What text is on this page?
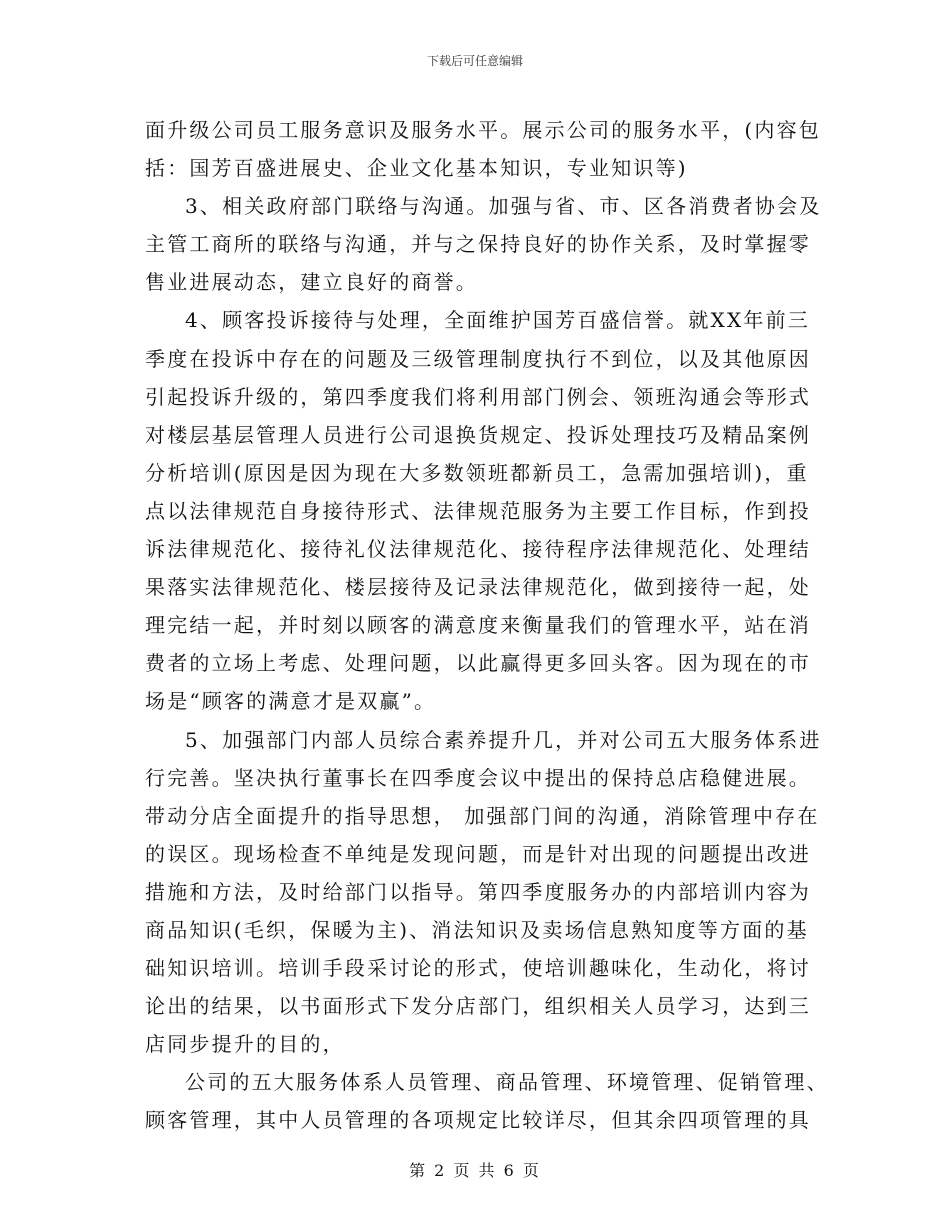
下载后可任意编辑
面升级公司员工服务意识及服务水平。展示公司的服务水平，(内容包
括：国芳百盛进展史、企业文化基本知识，专业知识等)
3、相关政府部门联络与沟通。加强与省、市、区各消费者协会及
主管工商所的联络与沟通，并与之保持良好的协作关系，及时掌握零
售业进展动态，建立良好的商誉。
4、顾客投诉接待与处理，全面维护国芳百盛信誉。就XX年前三
季度在投诉中存在的问题及三级管理制度执行不到位，以及其他原因
引起投诉升级的，第四季度我们将利用部门例会、领班沟通会等形式
对楼层基层管理人员进行公司退换货规定、投诉处理技巧及精品案例
分析培训(原因是因为现在大多数领班都新员工，急需加强培训)，重
点以法律规范自身接待形式、法律规范服务为主要工作目标，作到投
诉法律规范化、接待礼仪法律规范化、接待程序法律规范化、处理结
果落实法律规范化、楼层接待及记录法律规范化，做到接待一起，处
理完结一起，并时刻以顾客的满意度来衡量我们的管理水平，站在消
费者的立场上考虑、处理问题，以此赢得更多回头客。因为现在的市
场是“顾客的满意才是双赢”。
5、加强部门内部人员综合素养提升几，并对公司五大服务体系进
行完善。坚决执行董事长在四季度会议中提出的保持总店稳健进展。
带动分店全面提升的指导思想， 加强部门间的沟通，消除管理中存在
的误区。现场检查不单纯是发现问题，而是针对出现的问题提出改进
措施和方法，及时给部门以指导。第四季度服务办的内部培训内容为
商品知识(毛织，保暖为主)、消法知识及卖场信息熟知度等方面的基
础知识培训。培训手段采讨论的形式，使培训趣味化，生动化，将讨
论出的结果，以书面形式下发分店部门，组织相关人员学习，达到三
店同步提升的目的，
公司的五大服务体系人员管理、商品管理、环境管理、促销管理、
顾客管理，其中人员管理的各项规定比较详尽，但其余四项管理的具
第 2 页 共 6 页
